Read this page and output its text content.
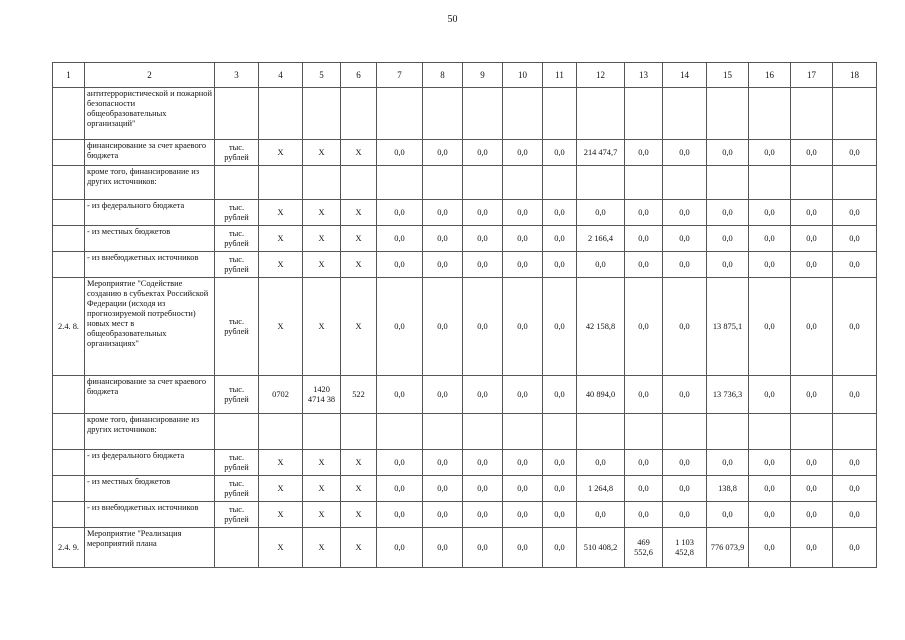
50
1	2	3	4	5	6	7	8	9	10	11	12	13	14	15	16	17	18
	антитеррористической и пожарной безопасности общеобразовательных организаций"																
	финансирование за счет краевого бюджета	тыс. рублей	Х	Х	Х	0,0	0,0	0,0	0,0	0,0	214 474,7	0,0	0,0	0,0	0,0	0,0	0,0
	кроме того, финансирование из других источников:																
	- из федерального бюджета	тыс. рублей	Х	Х	Х	0,0	0,0	0,0	0,0	0,0	0,0	0,0	0,0	0,0	0,0	0,0	0,0
	- из местных бюджетов	тыс. рублей	Х	Х	Х	0,0	0,0	0,0	0,0	0,0	2 166,4	0,0	0,0	0,0	0,0	0,0	0,0
	- из внебюджетных источников	тыс. рублей	Х	Х	Х	0,0	0,0	0,0	0,0	0,0	0,0	0,0	0,0	0,0	0,0	0,0	0,0
2.4. 8.	Мероприятие "Содействие созданию в субъектах Российской Федерации (исходя из прогнозируемой потребности) новых мест в общеобразовательных организациях"	тыс. рублей	Х	Х	Х	0,0	0,0	0,0	0,0	0,0	42 158,8	0,0	0,0	13 875,1	0,0	0,0	0,0
	финансирование за счет краевого бюджета	тыс. рублей	0702	1420 4714 38	522	0,0	0,0	0,0	0,0	0,0	40 894,0	0,0	0,0	13 736,3	0,0	0,0	0,0
	кроме того, финансирование из других источников:																
	- из федерального бюджета	тыс. рублей	Х	Х	Х	0,0	0,0	0,0	0,0	0,0	0,0	0,0	0,0	0,0	0,0	0,0	0,0
	- из местных бюджетов	тыс. рублей	Х	Х	Х	0,0	0,0	0,0	0,0	0,0	1 264,8	0,0	0,0	138,8	0,0	0,0	0,0
	- из внебюджетных источников	тыс. рублей	Х	Х	Х	0,0	0,0	0,0	0,0	0,0	0,0	0,0	0,0	0,0	0,0	0,0	0,0
2.4. 9.	Мероприятие "Реализация мероприятий плана		Х	Х	Х	0,0	0,0	0,0	0,0	0,0	510 408,2	469 552,6	1 103 452,8	776 073,9	0,0	0,0	0,0
